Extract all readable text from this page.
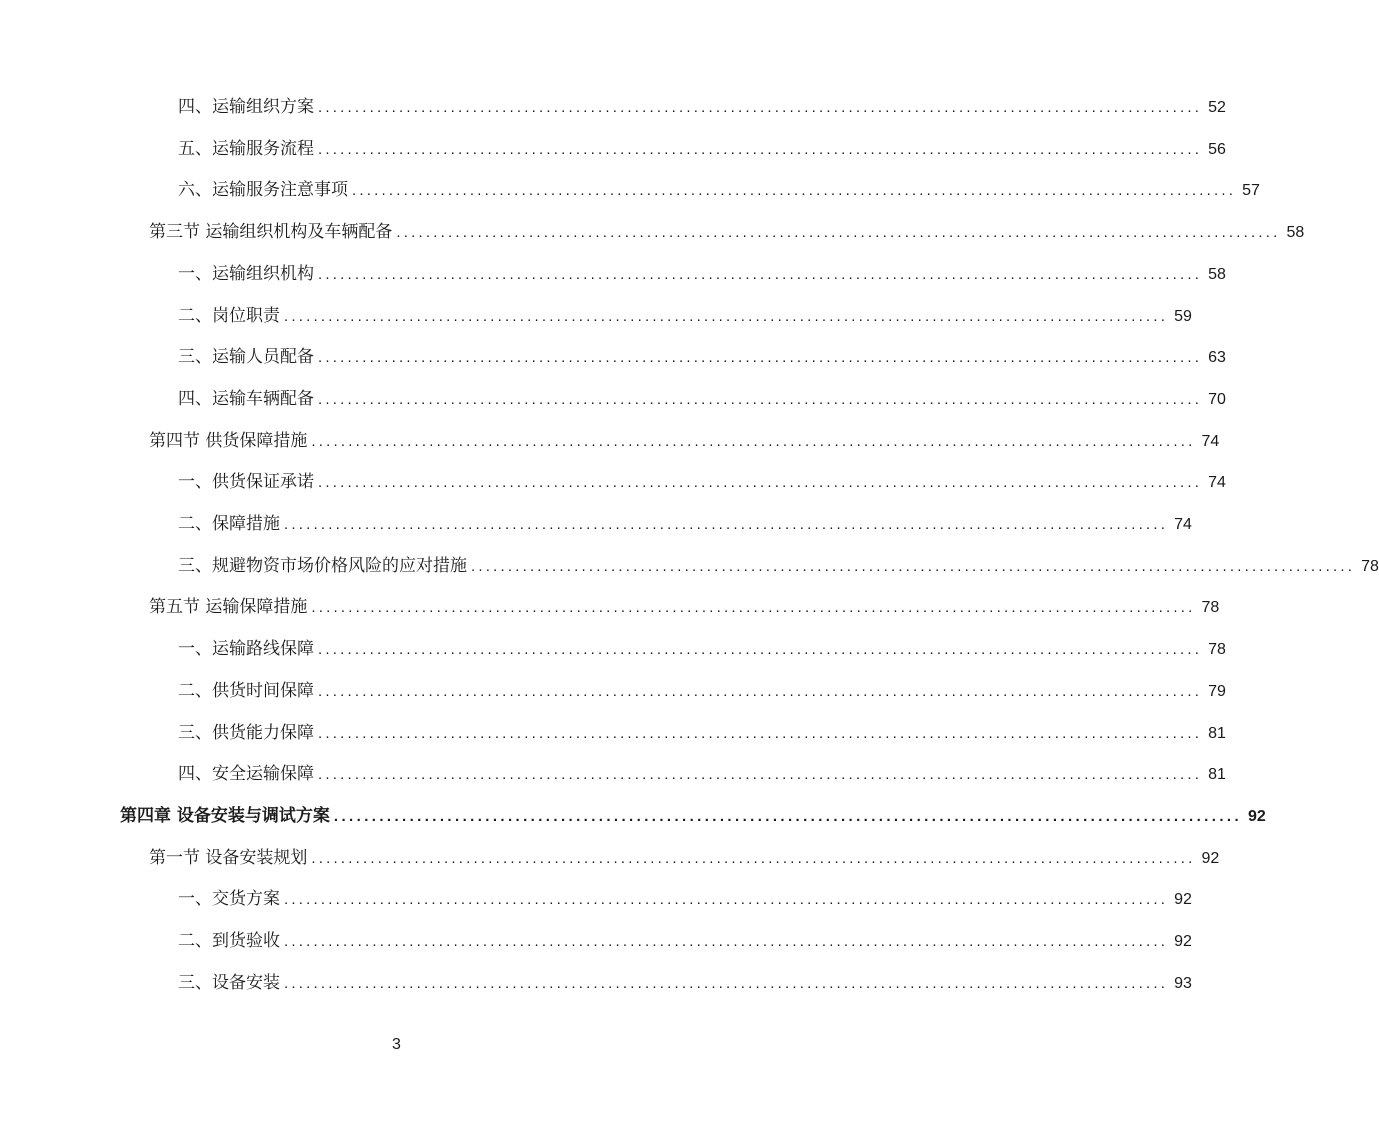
四、运输组织方案 ........................................................................................................................ 52
五、运输服务流程 ........................................................................................................................ 56
六、运输服务注意事项 ........................................................................................................................ 57
第三节 运输组织机构及车辆配备 ........................................................................................................................ 58
一、运输组织机构 ........................................................................................................................ 58
二、岗位职责 ........................................................................................................................ 59
三、运输人员配备 ........................................................................................................................ 63
四、运输车辆配备 ........................................................................................................................ 70
第四节 供货保障措施 ........................................................................................................................ 74
一、供货保证承诺 ........................................................................................................................ 74
二、保障措施 ........................................................................................................................ 74
三、规避物资市场价格风险的应对措施 ........................................................................................................................ 78
第五节 运输保障措施 ........................................................................................................................ 78
一、运输路线保障 ........................................................................................................................ 78
二、供货时间保障 ........................................................................................................................ 79
三、供货能力保障 ........................................................................................................................ 81
四、安全运输保障 ........................................................................................................................ 81
第四章 设备安装与调试方案 ........................................................................................................................ 92
第一节 设备安装规划 ........................................................................................................................ 92
一、交货方案 ........................................................................................................................ 92
二、到货验收 ........................................................................................................................ 92
三、设备安装 ........................................................................................................................ 93
3
